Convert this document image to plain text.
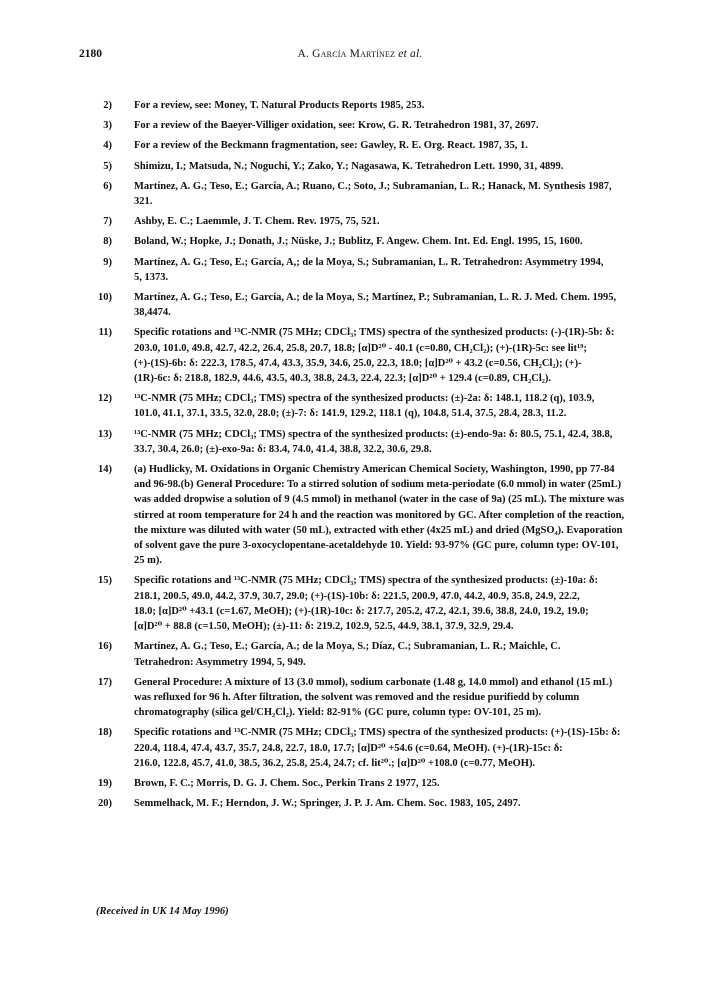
2180	A. García Martínez et al.
2) For a review, see: Money, T. Natural Products Reports 1985, 253.
3) For a review of the Baeyer-Villiger oxidation, see: Krow, G. R. Tetrahedron 1981, 37, 2697.
4) For a review of the Beckmann fragmentation, see: Gawley, R. E. Org. React. 1987, 35, 1.
5) Shimizu, I.; Matsuda, N.; Noguchi, Y.; Zako, Y.; Nagasawa, K. Tetrahedron Lett. 1990, 31, 4899.
6) Martínez, A. G.; Teso, E.; García, A.; Ruano, C.; Soto, J.; Subramanian, L. R.; Hanack, M. Synthesis 1987,
321.
7) Ashby, E. C.; Laemmle, J. T. Chem. Rev. 1975, 75, 521.
8) Boland, W.; Hopke, J.; Donath, J.; Nüske, J.; Bublitz, F. Angew. Chem. Int. Ed. Engl. 1995, 15, 1600.
9) Martínez, A. G.; Teso, E.; García, A,; de la Moya, S.; Subramanian, L. R. Tetrahedron: Asymmetry 1994,
5, 1373.
10) Martínez, A. G.; Teso, E.; García, A.; de la Moya, S.; Martínez, P.; Subramanian, L. R. J. Med. Chem. 1995,
38,4474.
11) Specific rotations and ¹³C-NMR (75 MHz; CDCl₃; TMS) spectra of the synthesized products: (-)-(1R)-5b: δ:
203.0, 101.0, 49.8, 42.7, 42.2, 26.4, 25.8, 20.7, 18.8; [α]D²⁰ - 40.1 (c=0.80, CH₂Cl₂); (+)-(1R)-5c: see lit¹⁹;
(+)-(1S)-6b: δ: 222.3, 178.5, 47.4, 43.3, 35.9, 34.6, 25.0, 22.3, 18.0; [α]D²⁰ + 43.2 (c=0.56, CH₂Cl₂); (+)-
(1R)-6c: δ: 218.8, 182.9, 44.6, 43.5, 40.3, 38.8, 24.3, 22.4, 22.3; [α]D²⁰ + 129.4 (c=0.89, CH₂Cl₂).
12) ¹³C-NMR (75 MHz; CDCl₃; TMS) spectra of the synthesized products: (±)-2a: δ: 148.1, 118.2 (q), 103.9,
101.0, 41.1, 37.1, 33.5, 32.0, 28.0; (±)-7: δ: 141.9, 129.2, 118.1 (q), 104.8, 51.4, 37.5, 28.4, 28.3, 11.2.
13) ¹³C-NMR (75 MHz; CDCl₃; TMS) spectra of the synthesized products: (±)-endo-9a: δ: 80.5, 75.1, 42.4, 38.8,
33.7, 30.4, 26.0; (±)-exo-9a: δ: 83.4, 74.0, 41.4, 38.8, 32.2, 30.6, 29.8.
14) (a) Hudlicky, M. Oxidations in Organic Chemistry American Chemical Society, Washington, 1990, pp 77-84
and 96-98.(b) General Procedure: To a stirred solution of sodium meta-periodate (6.0 mmol) in water (25mL)
was added dropwise a solution of 9 (4.5 mmol) in methanol (water in the case of 9a) (25 mL). The mixture was
stirred at room temperature for 24 h and the reaction was monitored by GC. After completion of the reaction,
the mixture was diluted with water (50 mL), extracted with ether (4x25 mL) and dried (MgSO₄). Evaporation
of solvent gave the pure 3-oxocyclopentane-acetaldehyde 10. Yield: 93-97% (GC pure, column type: OV-101,
25 m).
15) Specific rotations and ¹³C-NMR (75 MHz; CDCl₃; TMS) spectra of the synthesized products: (±)-10a: δ:
218.1, 200.5, 49.0, 44.2, 37.9, 30.7, 29.0; (+)-(1S)-10b: δ: 221.5, 200.9, 47.0, 44.2, 40.9, 35.8, 24.9, 22.2,
18.0; [α]D²⁰ +43.1 (c=1.67, MeOH); (+)-(1R)-10c: δ: 217.7, 205.2, 47.2, 42.1, 39.6, 38.8, 24.0, 19.2, 19.0;
[α]D²⁰ + 88.8 (c=1.50, MeOH); (±)-11: δ: 219.2, 102.9, 52.5, 44.9, 38.1, 37.9, 32.9, 29.4.
16) Martínez, A. G.; Teso, E.; García, A.; de la Moya, S.; Díaz, C.; Subramanian, L. R.; Maichle, C.
Tetrahedron: Asymmetry 1994, 5, 949.
17) General Procedure: A mixture of 13 (3.0 mmol), sodium carbonate (1.48 g, 14.0 mmol) and ethanol (15 mL)
was refluxed for 96 h. After filtration, the solvent was removed and the residue purifiedd by column
chromatography (silica gel/CH₂Cl₂). Yield: 82-91% (GC pure, column type: OV-101, 25 m).
18) Specific rotations and ¹³C-NMR (75 MHz; CDCl₃; TMS) spectra of the synthesized products: (+)-(1S)-15b: δ:
220.4, 118.4, 47.4, 43.7, 35.7, 24.8, 22.7, 18.0, 17.7; [α]D²⁰ +54.6 (c=0.64, MeOH). (+)-(1R)-15c: δ:
216.0, 122.8, 45.7, 41.0, 38.5, 36.2, 25.8, 25.4, 24.7; cf. lit²⁰.; [α]D²⁰ +108.0 (c=0.77, MeOH).
19) Brown, F. C.; Morris, D. G. J. Chem. Soc., Perkin Trans 2 1977, 125.
20) Semmelhack, M. F.; Herndon, J. W.; Springer, J. P. J. Am. Chem. Soc. 1983, 105, 2497.
(Received in UK 14 May 1996)
